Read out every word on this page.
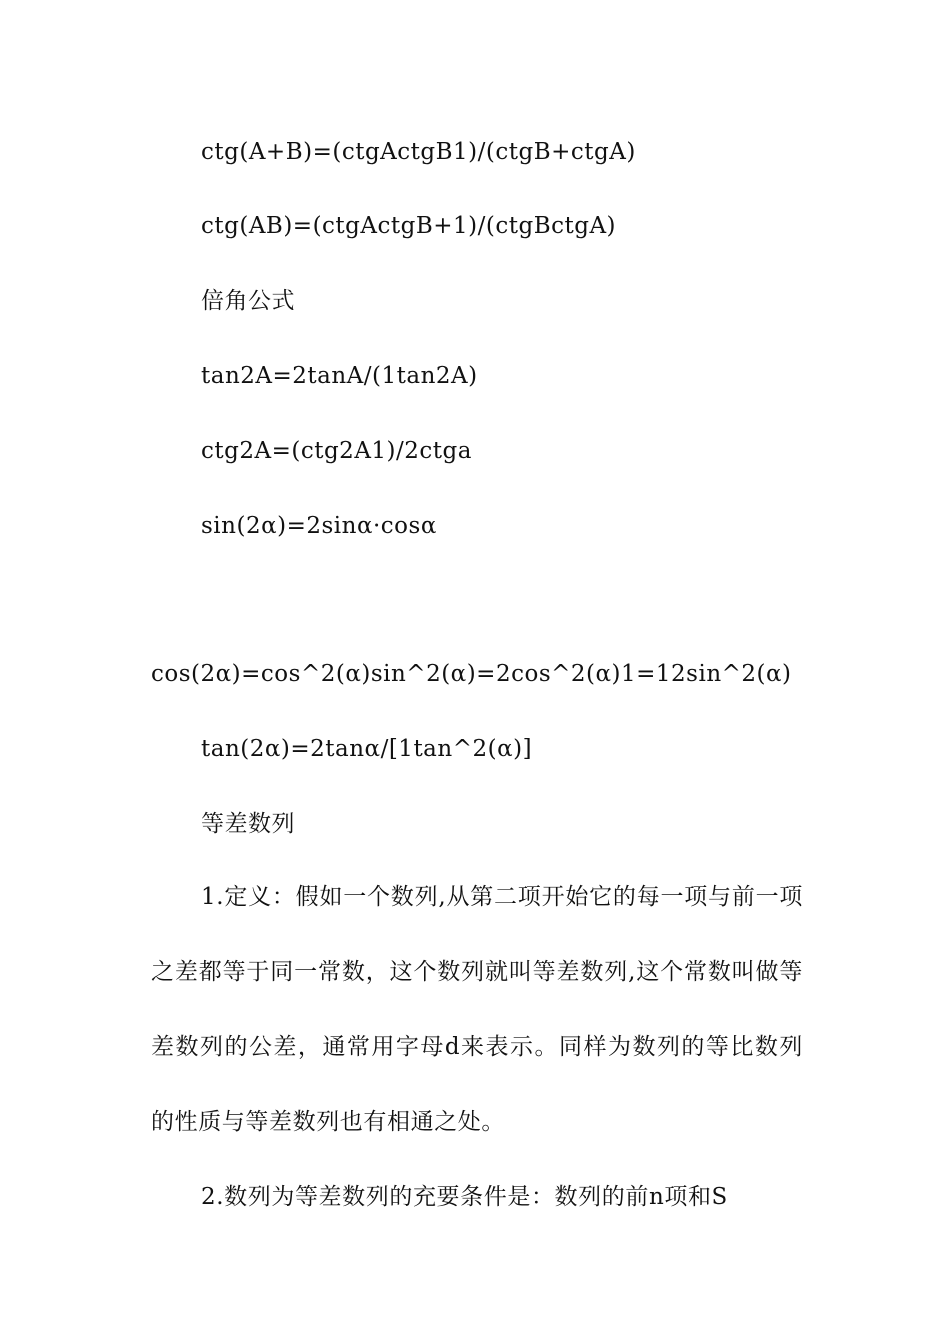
ctg(A+B)=(ctgActgB1)/(ctgB+ctgA)
ctg(AB)=(ctgActgB+1)/(ctgBctgA)
倍角公式
tan2A=2tanA/(1tan2A)
ctg2A=(ctg2A1)/2ctga
sin(2α)=2sinα·cosα
cos(2α)=cos^2(α)sin^2(α)=2cos^2(α)1=12sin^2(α)
tan(2α)=2tanα/[1tan^2(α)]
等差数列
1.定义：假如一个数列,从第二项开始它的每一项与前一项之差都等于同一常数，这个数列就叫等差数列,这个常数叫做等差数列的公差，通常用字母d来表示。同样为数列的等比数列的性质与等差数列也有相通之处。
2.数列为等差数列的充要条件是：数列的前n项和S
